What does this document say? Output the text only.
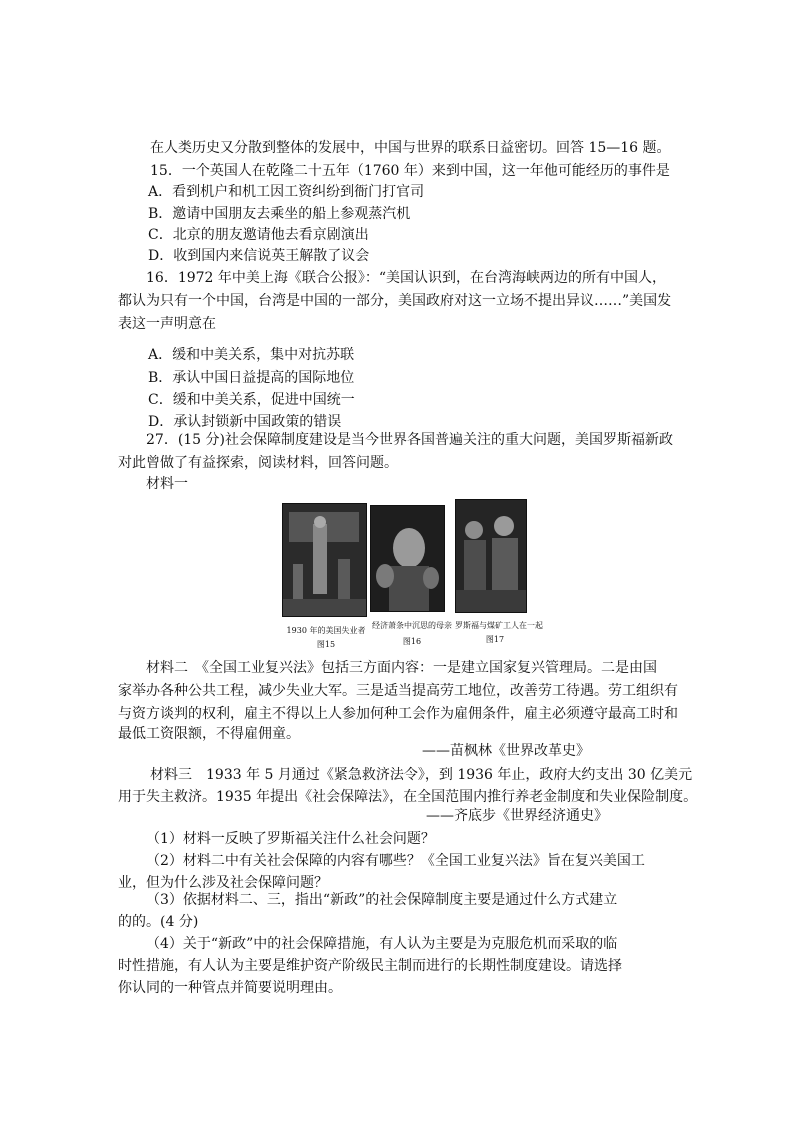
在人类历史又分散到整体的发展中，中国与世界的联系日益密切。回答 15—16 题。
15．一个英国人在乾隆二十五年（1760 年）来到中国，这一年他可能经历的事件是
A．看到机户和机工因工资纠纷到衙门打官司
B．邀请中国朋友去乘坐的船上参观蒸汽机
C．北京的朋友邀请他去看京剧演出
D．收到国内来信说英王解散了议会
16．1972 年中美上海《联合公报》：“美国认识到，在台湾海峡两边的所有中国人，
都认为只有一个中国，台湾是中国的一部分，美国政府对这一立场不提出异议……”美国发
表这一声明意在
A．缓和中美关系，集中对抗苏联
B．承认中国日益提高的国际地位
C．缓和中美关系，促进中国统一
D．承认封锁新中国政策的错误
27．(15 分)社会保障制度建设是当今世界各国普遍关注的重大问题，美国罗斯福新政
对此曾做了有益探索，阅读材料，回答问题。
材料一
1930 年的美国失业者
图15
经济萧条中沉思的母亲
图16
罗斯福与煤矿工人在一起
图17
材料二　《全国工业复兴法》包括三方面内容：一是建立国家复兴管理局。二是由国
家举办各种公共工程，减少失业大军。三是适当提高劳工地位，改善劳工待遇。劳工组织有
与资方谈判的权利，雇主不得以上人参加何种工会作为雇佣条件，雇主必须遵守最高工时和
最低工资限额，不得雇佣童。
——苗枫林《世界改革史》
材料三　1933 年 5 月通过《紧急救济法令》，到 1936 年止，政府大约支出 30 亿美元
用于失主救济。1935 年提出《社会保障法》，在全国范围内推行养老金制度和失业保险制度。
——齐底步《世界经济通史》
（1）材料一反映了罗斯福关注什么社会问题？
（2）材料二中有关社会保障的内容有哪些？《全国工业复兴法》旨在复兴美国工
业，但为什么涉及社会保障问题？
（3）依据材料二、三，指出“新政”的社会保障制度主要是通过什么方式建立
的的。(4 分)
（4）关于“新政”中的社会保障措施，有人认为主要是为克服危机而采取的临
时性措施，有人认为主要是维护资产阶级民主制而进行的长期性制度建设。请选择
你认同的一种管点并简要说明理由。
